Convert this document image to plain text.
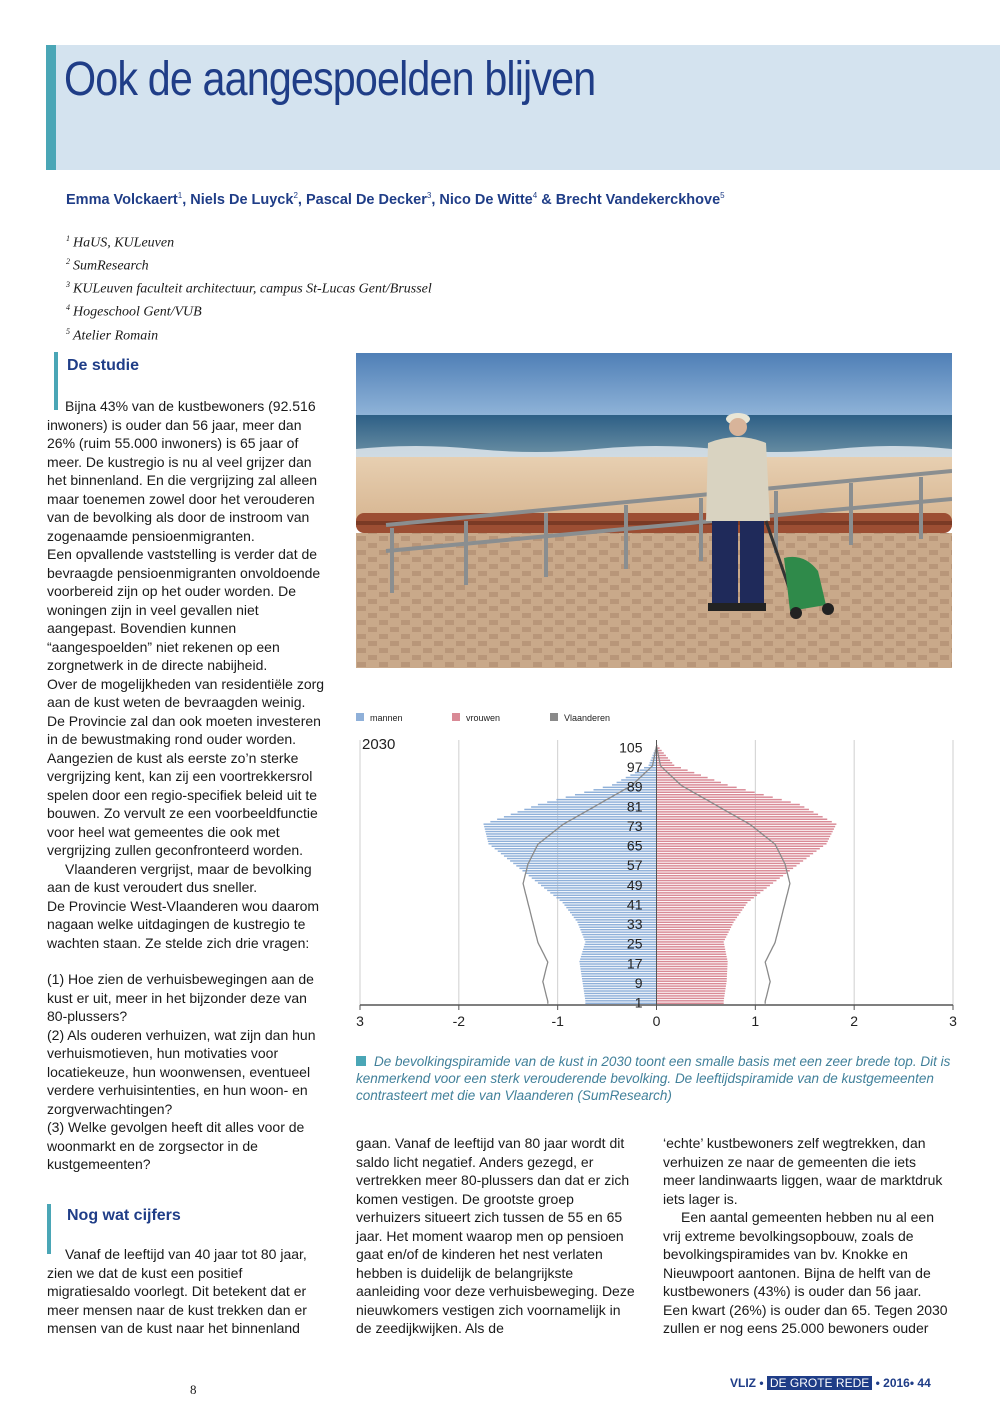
Ook de aangespoelden blijven
Emma Volckaert$^1$, Niels De Luyck$^2$, Pascal De Decker$^3$, Nico De Witte$^4$ & Brecht Vandekerckhove$^5$
$^1$ HaUS, KULeuven
$^2$ SumResearch
$^3$ KULeuven faculteit architectuur, campus St-Lucas Gent/Brussel
$^4$ Hogeschool Gent/VUB
$^5$ Atelier Romain
De studie

Bijna 43% van de kustbewoners (92.516 inwoners) is ouder dan 56 jaar, meer dan 26% (ruim 55.000 inwoners) is 65 jaar of meer. De kustregio is nu al veel grijzer dan het binnenland. En die vergrijzing zal alleen maar toenemen zowel door het verouderen van de bevolking als door de instroom van zogenaamde pensioenmigranten.

Een opvallende vaststelling is verder dat de bevraagde pensioenmigranten onvoldoende voorbereid zijn op het ouder worden. De woningen zijn in veel gevallen niet aangepast. Bovendien kunnen “aangespoelden” niet rekenen op een zorgnetwerk in de directe nabijheid.

Over de mogelijkheden van residentiële zorg aan de kust weten de bevraagden weinig. De Provincie zal dan ook moeten investeren in de bewustmaking rond ouder worden. Aangezien de kust als eerste zo’n sterke vergrijzing kent, kan zij een voortrekkersrol spelen door een regio-specifiek beleid uit te bouwen. Zo vervult ze een voorbeeldfunctie voor heel wat gemeentes die ook met vergrijzing zullen geconfronteerd worden.

Vlaanderen vergrijst, maar de bevolking aan de kust veroudert dus sneller.

De Provincie West-Vlaanderen wou daarom nagaan welke uitdagingen de kustregio te wachten staan. Ze stelde zich drie vragen:

(1) Hoe zien de verhuisbewegingen aan de kust er uit, meer in het bijzonder deze van 80-plussers?

(2) Als ouderen verhuizen, wat zijn dan hun verhuismotieven, hun motivaties voor locatiekeuze, hun woonwensen, eventueel verdere verhuisintenties, en hun woon- en zorgverwachtingen?

(3) Welke gevolgen heeft dit alles voor de woonmarkt en de zorgsector in de kustgemeenten?

Nog wat cijfers

Vanaf de leeftijd van 40 jaar tot 80 jaar, zien we dat de kust een positief migratiesaldo voorlegt. Dit betekent dat er meer mensen naar de kust trekken dan er mensen van de kust naar het binnenland

3	-2	-1	0	1	2	3
105
97
89
81
73
65
57
49
41
33
25
17
9
1
2030
mannen	vrouwen	Vlaanderen
De bevolkingspiramide van de kust in 2030 toont een smalle basis met een zeer brede top. Dit is kenmerkend voor een sterk verouderende bevolking. De leeftijdspiramide van de kustgemeenten contrasteert met die van Vlaanderen (SumResearch)

gaan. Vanaf de leeftijd van 80 jaar wordt dit saldo licht negatief. Anders gezegd, er vertrekken meer 80-plussers dan dat er zich komen vestigen. De grootste groep verhuizers situeert zich tussen de 55 en 65 jaar. Het moment waarop men op pensioen gaat en/of de kinderen het nest verlaten hebben is duidelijk de belangrijkste aanleiding voor deze verhuisbeweging. Deze nieuwkomers vestigen zich voornamelijk in de zeedijkwijken. Als de

‘echte’ kustbewoners zelf wegtrekken, dan verhuizen ze naar de gemeenten die iets meer landinwaarts liggen, waar de marktdruk iets lager is.

Een aantal gemeenten hebben nu al een vrij extreme bevolkingsopbouw, zoals de bevolkingspiramides van bv. Knokke en Nieuwpoort aantonen. Bijna de helft van de kustbewoners (43%) is ouder dan 56 jaar. Een kwart (26%) is ouder dan 65. Tegen 2030 zullen er nog eens 25.000 bewoners ouder

8	VLIZ • DE GROTE REDE • 2016• 44
